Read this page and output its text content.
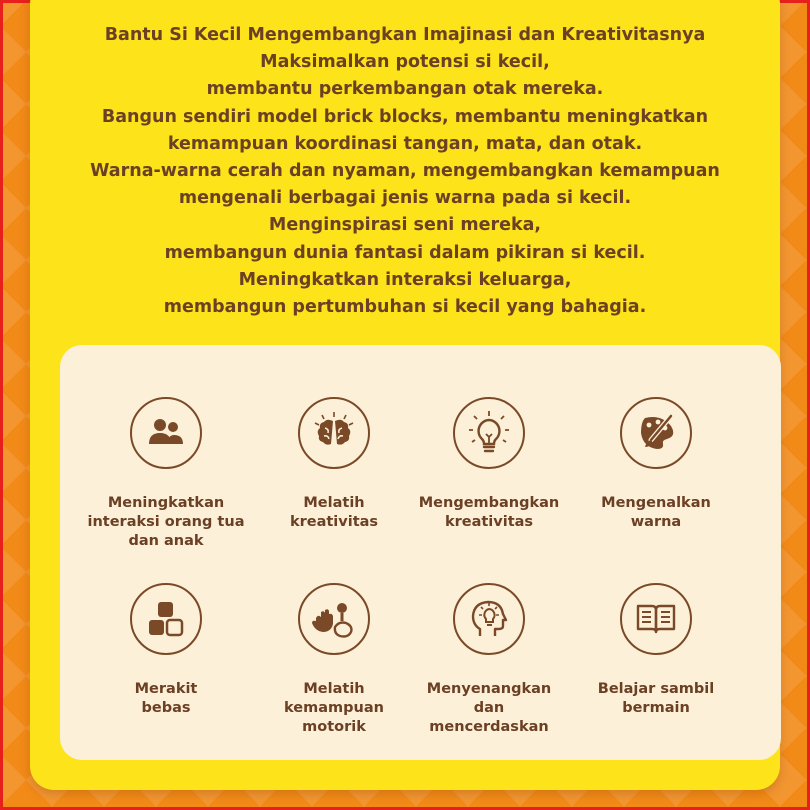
Bantu Si Kecil Mengembangkan Imajinasi dan Kreativitasnya
Maksimalkan potensi si kecil,
membantu perkembangan otak mereka.
Bangun sendiri model brick blocks, membantu meningkatkan
kemampuan koordinasi tangan, mata, dan otak.
Warna-warna cerah dan nyaman, mengembangkan kemampuan
mengenali berbagai jenis warna pada si kecil.
Menginspirasi seni mereka,
membangun dunia fantasi dalam pikiran si kecil.
Meningkatkan interaksi keluarga,
membangun pertumbuhan si kecil yang bahagia.
Meningkatkan
interaksi orang tua
dan anak
Melatih
kreativitas
Mengembangkan
kreativitas
Mengenalkan
warna
Merakit
bebas
Melatih
kemampuan
motorik
Menyenangkan
dan
mencerdaskan
Belajar sambil
bermain
